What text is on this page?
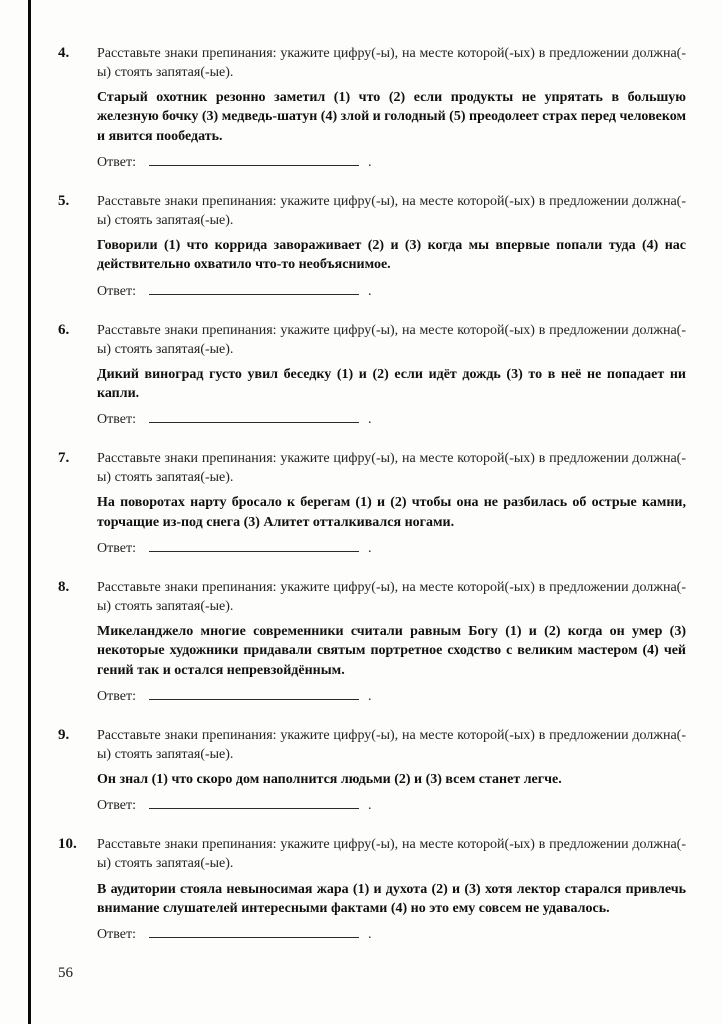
4.	Расставьте знаки препинания: укажите цифру(-ы), на месте которой(-ых) в предложении должна(-ы) стоять запятая(-ые).

Старый охотник резонно заметил (1) что (2) если продукты не упрятать в большую железную бочку (3) медведь-шатун (4) злой и голодный (5) преодолеет страх перед человеком и явится пообедать.

Ответ:	.

5.	Расставьте знаки препинания: укажите цифру(-ы), на месте которой(-ых) в предложении должна(-ы) стоять запятая(-ые).

Говорили (1) что коррида завораживает (2) и (3) когда мы впервые попали туда (4) нас действительно охватило что-то необъяснимое.

Ответ:	.

6.	Расставьте знаки препинания: укажите цифру(-ы), на месте которой(-ых) в предложении должна(-ы) стоять запятая(-ые).

Дикий виноград густо увил беседку (1) и (2) если идёт дождь (3) то в неё не попадает ни капли.

Ответ:	.

7.	Расставьте знаки препинания: укажите цифру(-ы), на месте которой(-ых) в предложении должна(-ы) стоять запятая(-ые).

На поворотах нарту бросало к берегам (1) и (2) чтобы она не разбилась об острые камни, торчащие из-под снега (3) Алитет отталкивался ногами.

Ответ:	.

8.	Расставьте знаки препинания: укажите цифру(-ы), на месте которой(-ых) в предложении должна(-ы) стоять запятая(-ые).

Микеланджело многие современники считали равным Богу (1) и (2) когда он умер (3) некоторые художники придавали святым портретное сходство с великим мастером (4) чей гений так и остался непревзойдённым.

Ответ:	.

9.	Расставьте знаки препинания: укажите цифру(-ы), на месте которой(-ых) в предложении должна(-ы) стоять запятая(-ые).

Он знал (1) что скоро дом наполнится людьми (2) и (3) всем станет легче.

Ответ:	.

10.	Расставьте знаки препинания: укажите цифру(-ы), на месте которой(-ых) в предложении должна(-ы) стоять запятая(-ые).

В аудитории стояла невыносимая жара (1) и духота (2) и (3) хотя лектор старался привлечь внимание слушателей интересными фактами (4) но это ему совсем не удавалось.

Ответ:	.

56
